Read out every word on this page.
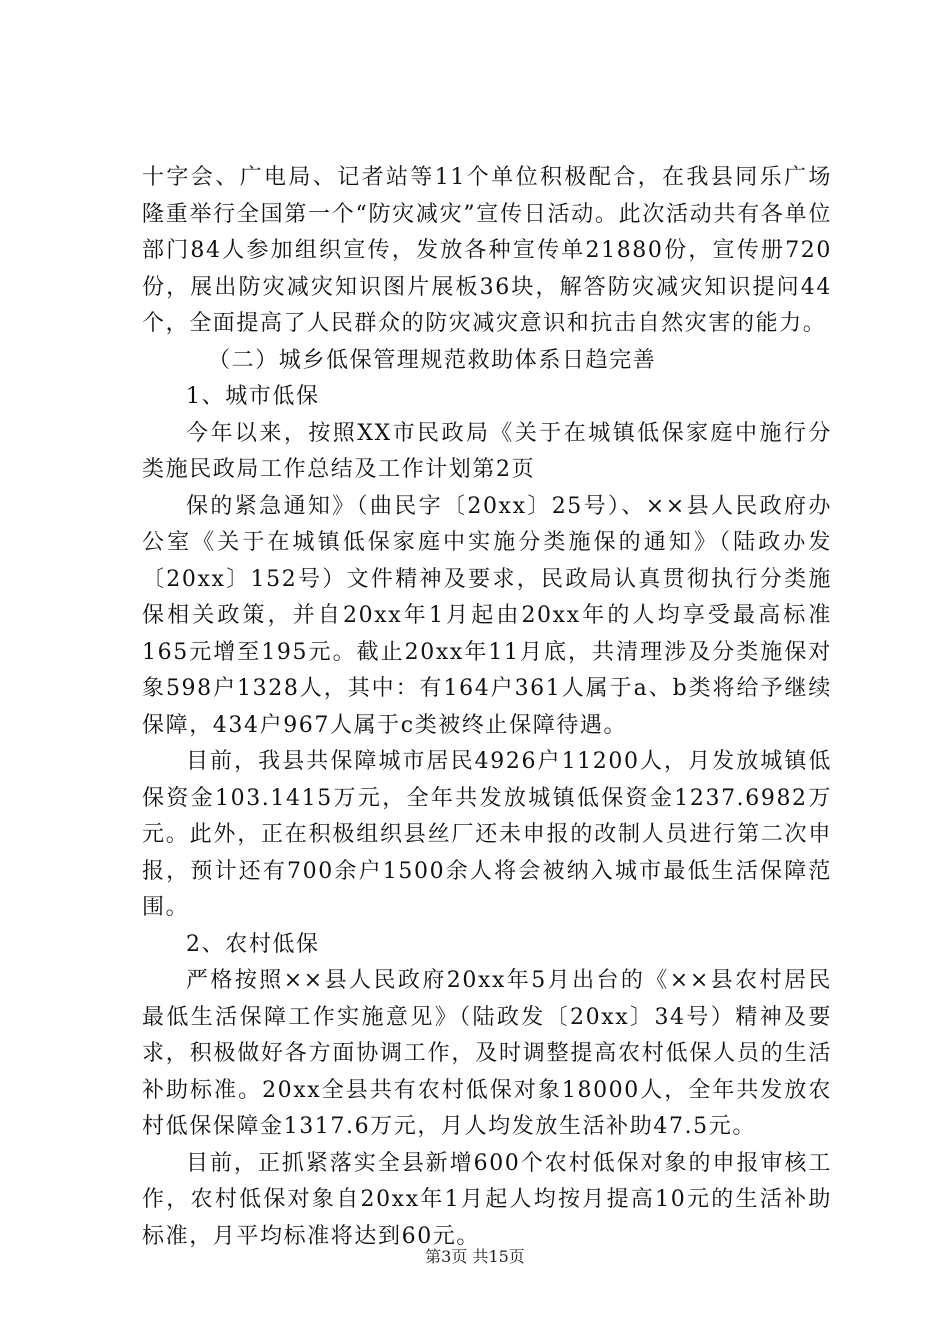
十字会、广电局、记者站等11个单位积极配合，在我县同乐广场隆重举行全国第一个“防灾减灾”宣传日活动。此次活动共有各单位部门84人参加组织宣传，发放各种宣传单21880份，宣传册720份，展出防灾减灾知识图片展板36块，解答防灾减灾知识提问44个，全面提高了人民群众的防灾减灾意识和抗击自然灾害的能力。

（二）城乡低保管理规范救助体系日趋完善

1、城市低保

今年以来，按照XX市民政局《关于在城镇低保家庭中施行分类施民政局工作总结及工作计划第2页

保的紧急通知》（曲民字〔20xx〕25号）、××县人民政府办公室《关于在城镇低保家庭中实施分类施保的通知》（陆政办发〔20xx〕152号）文件精神及要求，民政局认真贯彻执行分类施保相关政策，并自20xx年1月起由20xx年的人均享受最高标准165元增至195元。截止20xx年11月底，共清理涉及分类施保对象598户1328人，其中：有164户361人属于a、b类将给予继续保障，434户967人属于c类被终止保障待遇。

目前，我县共保障城市居民4926户11200人，月发放城镇低保资金103.1415万元，全年共发放城镇低保资金1237.6982万元。此外，正在积极组织县丝厂还未申报的改制人员进行第二次申报，预计还有700余户1500余人将会被纳入城市最低生活保障范围。

2、农村低保

严格按照××县人民政府20xx年5月出台的《××县农村居民最低生活保障工作实施意见》（陆政发〔20xx〕34号）精神及要求，积极做好各方面协调工作，及时调整提高农村低保人员的生活补助标准。20xx全县共有农村低保对象18000人，全年共发放农村低保保障金1317.6万元，月人均发放生活补助47.5元。

目前，正抓紧落实全县新增600个农村低保对象的申报审核工作，农村低保对象自20xx年1月起人均按月提高10元的生活补助标准，月平均标准将达到60元。

第3页 共15页
